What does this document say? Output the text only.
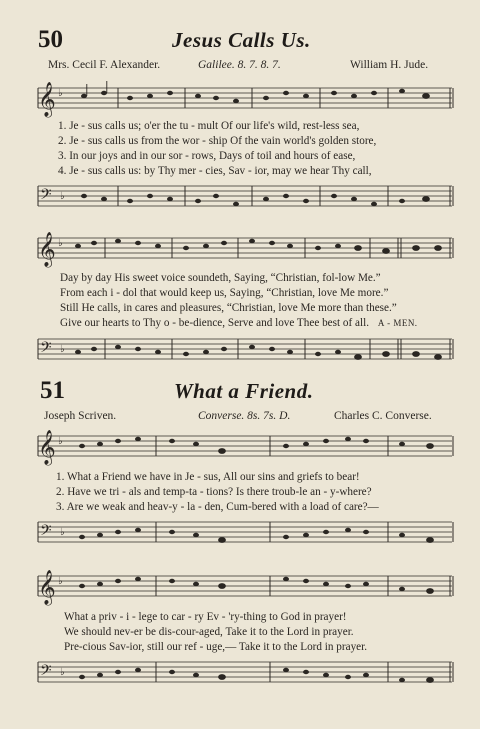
50	Jesus Calls Us.
Mrs. Cecil F. Alexander.	Galilee. 8. 7. 8. 7.	William H. Jude.
𝄞 ♭
1. Je - sus calls us; o'er the tu - mult Of our life's wild, rest-less sea,
2. Je - sus calls us from the wor - ship Of the vain world's golden store,
3. In our joys and in our sor - rows, Days of toil and hours of ease,
4. Je - sus calls us: by Thy mer - cies, Sav - ior, may we hear Thy call,
𝄢 ♭
𝄞 ♭
Day by day His sweet voice soundeth, Saying, “Christian, fol-low Me.”
From each i - dol that would keep us, Saying, “Christian, love Me more.”
Still He calls, in cares and pleasures, “Christian, love Me more than these.”
Give our hearts to Thy o - be-dience, Serve and love Thee best of all. A - MEN.
𝄢 ♭
51	What a Friend.
Joseph Scriven.	Converse. 8s. 7s. D.	Charles C. Converse.
𝄞 ♭
1. What a Friend we have in Je - sus, All our sins and griefs to bear!
2. Have we tri - als and temp-ta - tions? Is there troub-le an - y-where?
3. Are we weak and heav-y - la - den, Cum-bered with a load of care?—
𝄢 ♭
𝄞 ♭
What a priv - i - lege to car - ry Ev - 'ry-thing to God in prayer!
We should nev-er be dis-cour-aged, Take it to the Lord in prayer.
Pre-cious Sav-ior, still our ref - uge,— Take it to the Lord in prayer.
𝄢 ♭
